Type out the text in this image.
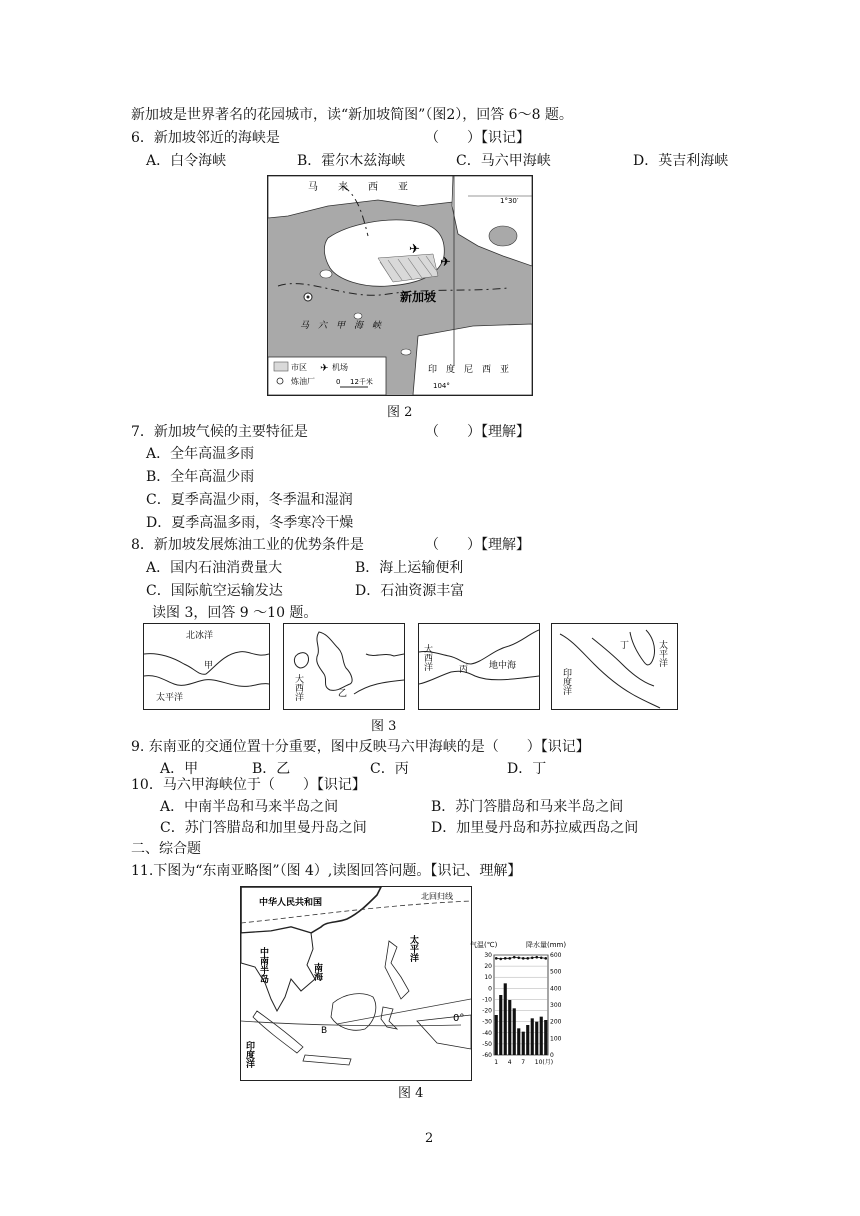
新加坡是世界著名的花园城市，读“新加坡简图”（图2），回答 6〜8 题。
6．新加坡邻近的海峡是	（　　）【识记】
A．白令海峡	B．霍尔木兹海峡	C．马六甲海峡	D．英吉利海峡
✈
✈
马　　来　　西　　亚
1°30′
新加坡
马　六　甲　海　峡
印　度　尼　西　亚
104°
市区 ✈ 机场
炼油厂	0 12千米
图 2
7．新加坡气候的主要特征是	（　　）【理解】
A．全年高温多雨
B．全年高温少雨
C．夏季高温少雨，冬季温和湿润
D．夏季高温多雨，冬季寒冷干燥
8．新加坡发展炼油工业的优势条件是	（　　）【理解】
A．国内石油消费量大	B．海上运输便利
C．国际航空运输发达	D．石油资源丰富
读图 3，回答 9 ～10 题。
北冰洋
甲
太平洋	大西洋	乙
大西洋	丙 地中海
丁	太平洋
印度洋
图 3
9. 东南亚的交通位置十分重要，图中反映马六甲海峡的是（　　）【识记】
A．甲	B．乙	C．丙	D．丁
10．马六甲海峡位于（　　）【识记】
A．中南半岛和马来半岛之间	B．苏门答腊岛和马来半岛之间
C．苏门答腊岛和加里曼丹岛之间	D．加里曼丹岛和苏拉威西岛之间
二、综合题
11.下图为“东南亚略图”（图 4）,读图回答问题。【识记、理解】
中华人民共和国
北回归线
中南半岛	南海
太平洋
印度洋
0°
B
气温(℃)	降水量(mm)
30
20
10
0
-10
-20
-30
-40
-50
-60
600
500
400
300
200
100
0
1 4 7 10(月)
图 4
2
